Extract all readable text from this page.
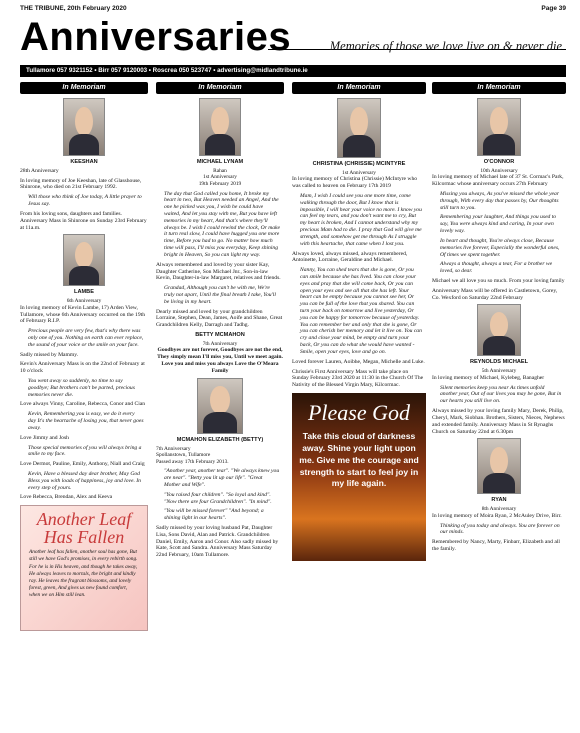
THE TRIBUNE, 20th February 2020	Page 39
Anniversaries	Memories of those we love live on & never die
Tullamore 057 9321152 • Birr 057 9120003 • Roscrea 050 523747 • advertising@midlandtribune.ie
In Memoriam
KEESHAN

28th Anniversary

In loving memory of Joe Keeshan, late of Glasshouse, Shinrone, who died on 21st February 1992.

Will those who think of Joe today, A little prayer to Jesus say.

From his loving sons, daughters and families. Anniversary Mass in Shinrone on Sunday 23rd February at 11a.m.

LAMBE
6th Anniversary

In loving memory of Kevin Lambe, 17) Arden View, Tullamore, whose 6th Anniversary occurred on the 19th of February R.I.P.

Precious people are very few, that's why there was only one of you. Nothing on earth can ever replace, the sound of your voice or the smile on your face.

Sadly missed by Mammy.

Kevin's Anniversary Mass is on the 22nd of February at 10 o'clock

You went away so suddenly, no time to say goodbye; But brothers can't be parted, precious memories never die.

Love always Vinny, Caroline, Rebecca, Conor and Cian

Kevin, Remembering you is easy, we do it every day It's the heartache of losing you, that never goes away.

Love Jimmy and Josh

Those special memories of you will always bring a smile to my face.

Love Dermot, Pauline, Emily, Anthony, Niall and Craig

Kevin, Have a blessed day dear brother, May God Bless you with loads of happiness, joy and love. In every step of yours.

Love Rebecca, Brendan, Alex and Keeva

Another Leaf Has Fallen
Another leaf has fallen, another soul has gone, But still we have God's promises, in every rebirth song. For he is in His heaven, and though he takes away, He always leaves to mortals, the bright and kindly ray. He leaves the fragrant blossoms, and lovely forest, green, And gives us new found comfort, when we on Him still lean.
In Memoriam
MICHAEL LYNAM
Rahan
1st Anniversary
19th February 2019

The day that God called you home, It broke my heart in two, But Heaven needed an Angel, And the one he picked was you, I wish he could have waited, And let you stay with me, But you have left memories in my heart, And that's where they'll always be. I wish I could rewind the clock, Or make it turn real slow, I could have hugged you one more time, Before you had to go. No matter how much time will pass, I'll miss you everyday, Keep shining bright in Heaven, So you can light my way.

Always remembered and loved by your sister Kay, Daughter Catherine, Son Michael Jnr., Son-in-law Kevin, Daughter-in-law Margaret, relatives and friends.

Grandad, Although you can't be with me, We're truly not apart, Until the final breath I take, You'll be living in my heart.

Dearly missed and loved by your grandchildren Lorraine, Stephen, Dean, James, Aoife and Shane, Great Grandchildren Kelly, Darragh and Tadhg.

BETTY MCMAHON
7th Anniversary

Goodbyes are not forever, Goodbyes are not the end, They simply mean I'll miss you, Until we meet again. Love you and miss you always Love the O'Meara Family

MCMAHON ELIZABETH (BETTY)
7th Anniversary
Spollanstown, Tullamore
Passed away 17th February 2013.

"Another year, another tear". "We always knew you are near". "Betty you lit up our life". "Great Mother and Wife".

"You raised four children". "So loyal and kind". "Now there are four Grandchildren". "In mind".

"You will be missed forever" "And beyond; a shining light in our hearts".

Sadly missed by your loving husband Pat, Daughter Lisa, Sons David, Alan and Patrick. Grandchildren Daniel, Emily, Aaron and Conor. Also sadly missed by Kate, Scott and Sandra. Anniversary Mass Saturday 22nd February, 10am Tullamore.

In Memoriam
CHRISTINA (CHRISSIE) MCINTYRE
1st Anniversary

In loving memory of Christina (Chrissie) McIntyre who was called to heaven on February 17th 2019

Mam, I wish I could see you one more time, come walking through the door, But I know that is impossible, I will hear your voice no more. I know you can feel my tears, and you don't want me to cry, But my heart is broken, And I cannot understand why my precious Mam had to die. I pray that God will give me strength, and somehow get me through As I struggle with this heartache, that came when I lost you.

Always loved, always missed, always remembered, Antoinette, Lorraine, Geraldine and Michael.

Nanny, You can shed tears that she is gone, Or you can smile because she has lived. You can close your eyes and pray that she will come back, Or you can open your eyes and see all that she has left. Your heart can be empty because you cannot see her, Or you can be full of the love that you shared. You can turn your back on tomorrow and live yesterday, Or you can be happy for tomorrow because of yesterday. You can remember her and only that she is gone, Or you can cherish her memory and let it live on. You can cry and close your mind, be empty and turn your back, Or you can do what she would have wanted - Smile, open your eyes, love and go on.

Loved forever Lauren, Aoibhe, Megan, Michelle and Luke.

Chrissie's First Anniversary Mass will take place on Sunday February 23rd 2020 at 11:30 in the Church Of The Nativity of the Blessed Virgin Mary, Kilcormac.

Please God
Take this cloud of darkness away. Shine your light upon me. Give me the courage and strength to start to feel joy in my life again.
In Memoriam
O'CONNOR
10th Anniversary

In loving memory of Michael late of 37 St. Cormac's Park, Kilcormac whose anniversary occurs 27th February

Missing you always, As you've missed the whole year through, With every day that passes by, Our thoughts still turn to you.

Remembering your laughter, And things you used to say, You were always kind and caring, In your own lovely way.

In heart and thought, You're always close, Because memories live forever, Especially the wonderful ones, Of times we spent together.

Always a thought, always a tear, For a brother we loved, so dear.

Michael we all love you so much. From your loving family

Anniversary Mass will be offered in Castletown, Gorey, Co. Wexford on Saturday 22nd February

REYNOLDS MICHAEL
5th Anniversary

In loving memory of Michael, Kylebeg, Banagher

Silent memories keep you near As times unfold another year, Out of our lives you may be gone, But in our hearts you still live on.

Always missed by your loving family Mary, Derek, Philip, Cheryl, Mark, Siobhan. Brothers, Sisters, Nieces, Nephews and extended family. Anniversary Mass in St Rynaghs Church on Saturday 22nd at 6.30pm

RYAN
8th Anniversary

In loving memory of Moira Ryan, 2 McAuley Drive, Birr.

Thinking of you today and always. You are forever on our minds.

Remembered by Nancy, Marty, Finbarr, Elizabeth and all the family.
